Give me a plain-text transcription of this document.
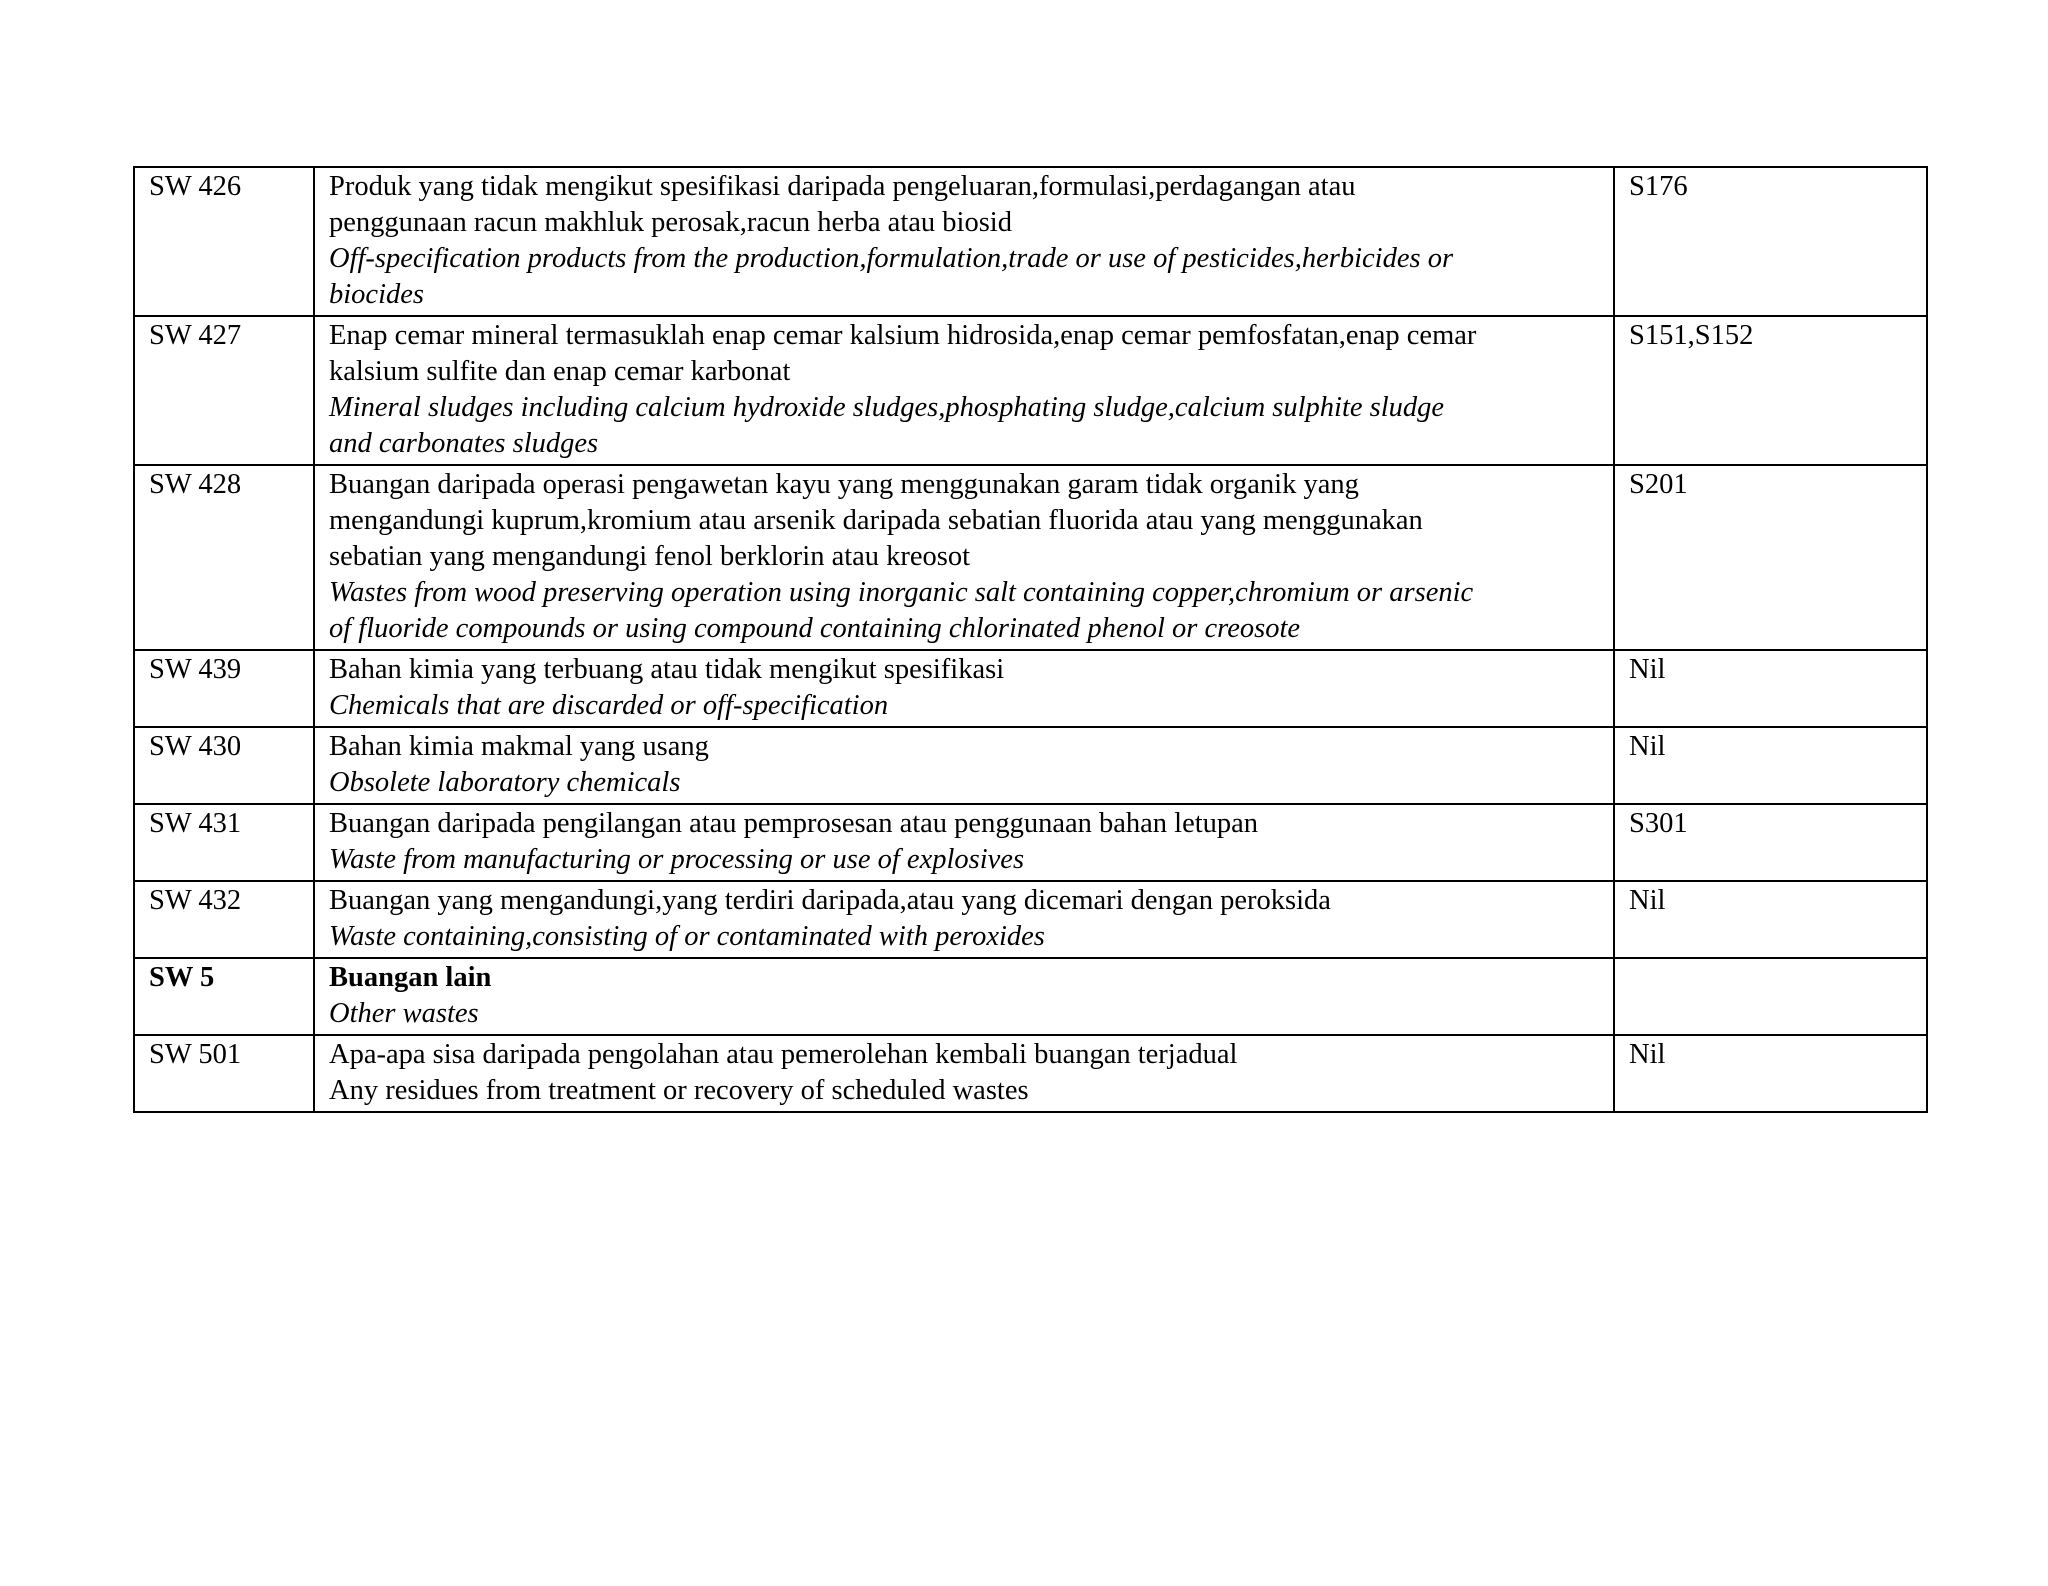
SW 426	Produk yang tidak mengikut spesifikasi daripada pengeluaran,formulasi,perdagangan atau
penggunaan racun makhluk perosak,racun herba atau biosid
Off-specification products from the production,formulation,trade or use of pesticides,herbicides or
biocides	S176
SW 427	Enap cemar mineral termasuklah enap cemar kalsium hidrosida,enap cemar pemfosfatan,enap cemar
kalsium sulfite dan enap cemar karbonat
Mineral sludges including calcium hydroxide sludges,phosphating sludge,calcium sulphite sludge
and carbonates sludges	S151,S152
SW 428	Buangan daripada operasi pengawetan kayu yang menggunakan garam tidak organik yang
mengandungi kuprum,kromium atau arsenik daripada sebatian fluorida atau yang menggunakan
sebatian yang mengandungi fenol berklorin atau kreosot
Wastes from wood preserving operation using inorganic salt containing copper,chromium or arsenic
of fluoride compounds or using compound containing chlorinated phenol or creosote	S201
SW 439	Bahan kimia yang terbuang atau tidak mengikut spesifikasi
Chemicals that are discarded or off-specification	Nil
SW 430	Bahan kimia makmal yang usang
Obsolete laboratory chemicals	Nil
SW 431	Buangan daripada pengilangan atau pemprosesan atau penggunaan bahan letupan
Waste from manufacturing or processing or use of explosives	S301
SW 432	Buangan yang mengandungi,yang terdiri daripada,atau yang dicemari dengan peroksida
Waste containing,consisting of or contaminated with peroxides	Nil
SW 5	Buangan lain
Other wastes	

SW 501	Apa-apa sisa daripada pengolahan atau pemerolehan kembali buangan terjadual
Any residues from treatment or recovery of scheduled wastes	Nil
